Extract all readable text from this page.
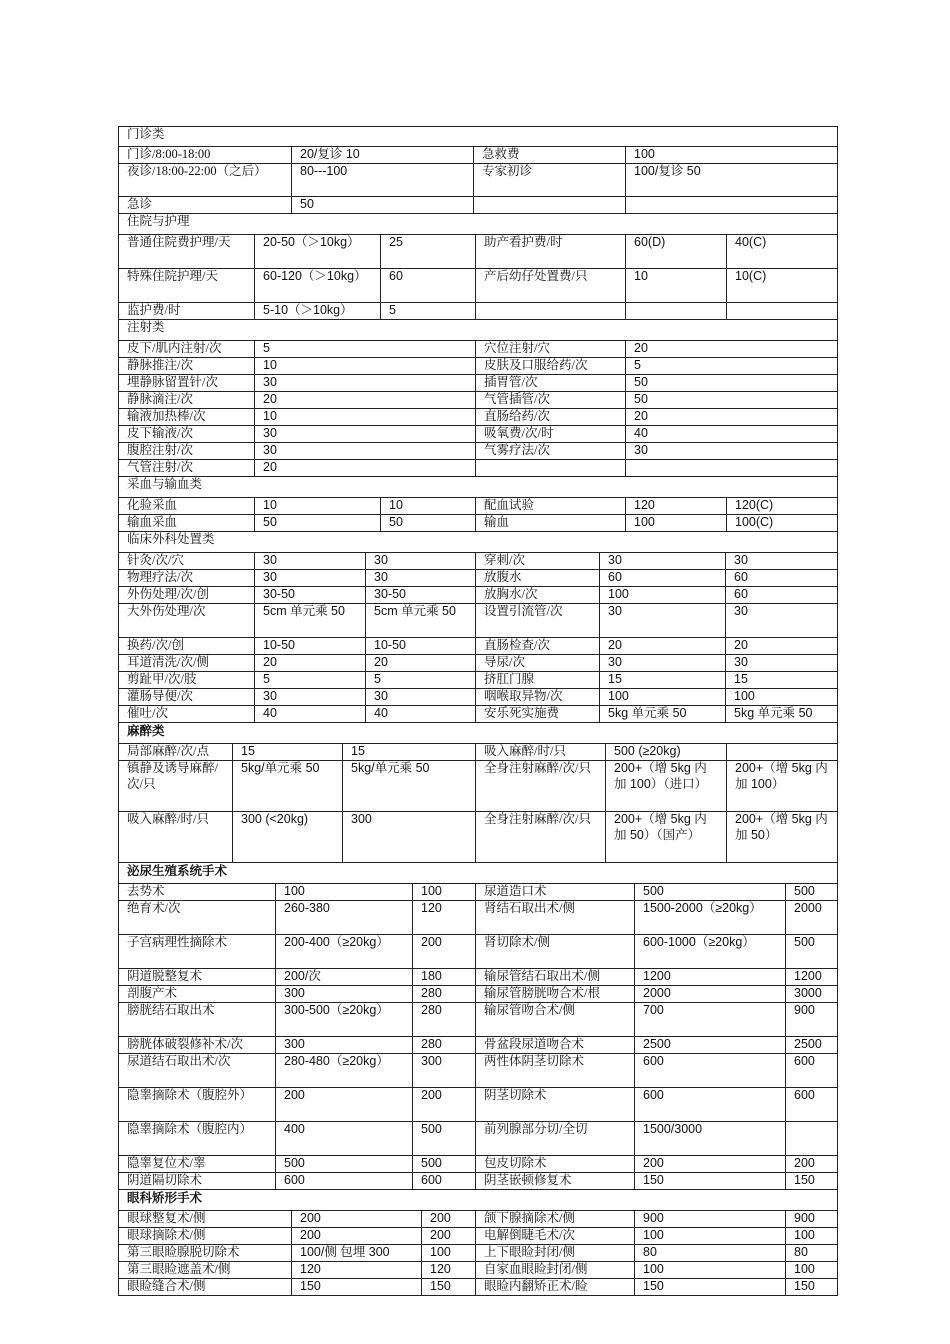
门诊类			
门诊/8:00-18:00	20/复诊 10	急救费	100
夜诊/18:00-22:00（之后）	80---100	专家初诊	100/复诊 50
急诊	50		
住院与护理					
普通住院费护理/天	20-50（＞10kg）	25	助产看护费/时	60(D)	40(C)
特殊住院护理/天	60-120（＞10kg）	60	产后幼仔处置费/只	10	10(C)
监护费/时	5-10（＞10kg）	5			
注射类			
皮下/肌内注射/次	5	穴位注射/穴	20
静脉推注/次	10	皮肤及口服给药/次	5
埋静脉留置针/次	30	插胃管/次	50
静脉滴注/次	20	气管插管/次	50
输液加热棒/次	10	直肠给药/次	20
皮下输液/次	30	吸氧费/次/时	40
腹腔注射/次	30	气雾疗法/次	30
气管注射/次	20		
采血与输血类					
化验采血	10	10	配血试验	120	120(C)
输血采血	50	50	输血	100	100(C)
临床外科处置类					
针灸/次/穴	30	30	穿刺/次	30	30
物理疗法/次	30	30	放腹水	60	60
外伤处理/次/创	30-50	30-50	放胸水/次	100	60
大外伤处理/次	5cm 单元乘 50	5cm 单元乘 50	设置引流管/次	30	30
换药/次/创	10-50	10-50	直肠检查/次	20	20
耳道清洗/次/侧	20	20	导尿/次	30	30
剪趾甲/次/肢	5	5	挤肛门腺	15	15
灌肠导便/次	30	30	咽喉取异物/次	100	100
催吐/次	40	40	安乐死实施费	5kg 单元乘 50	5kg 单元乘 50
麻醉类					
局部麻醉/次/点	15	15	吸入麻醉/时/只	500 (≥20kg)	
镇静及诱导麻醉/次/只	5kg/单元乘 50	5kg/单元乘 50	全身注射麻醉/次/只	200+（增 5kg 内加 100）（进口）	200+（增 5kg 内加 100）
吸入麻醉/时/只	300 (<20kg)	300	全身注射麻醉/次/只	200+（增 5kg 内加 50）（国产）	200+（增 5kg 内加 50）
泌尿生殖系统手术					
去势术	100	100	尿道造口术	500	500
绝育术/次	260-380	120	肾结石取出术/侧	1500-2000（≥20kg）	2000
子宫病理性摘除术	200-400（≥20kg）	200	肾切除术/侧	600-1000（≥20kg）	500
阴道脱整复术	200/次	180	输尿管结石取出术/侧	1200	1200
剖腹产术	300	280	输尿管膀胱吻合术/根	2000	3000
膀胱结石取出术	300-500（≥20kg）	280	输尿管吻合术/侧	700	900
膀胱体破裂修补术/次	300	280	骨盆段尿道吻合术	2500	2500
尿道结石取出术/次	280-480（≥20kg）	300	两性体阴茎切除术	600	600
隐睾摘除术（腹腔外）	200	200	阴茎切除术	600	600
隐睾摘除术（腹腔内）	400	500	前列腺部分切/全切	1500/3000	
隐睾复位术/睾	500	500	包皮切除术	200	200
阴道隔切除术	600	600	阴茎嵌顿修复术	150	150
眼科矫形手术					
眼球整复术/侧	200	200	颌下腺摘除术/侧	900	900
眼球摘除术/侧	200	200	电解倒睫毛术/次	100	100
第三眼睑腺脱切除术	100/侧 包埋 300	100	上下眼睑封闭/侧	80	80
第三眼睑遮盖术/侧	120	120	自家血眼睑封闭/侧	100	100
眼睑缝合术/侧	150	150	眼睑内翻矫正术/睑	150	150
